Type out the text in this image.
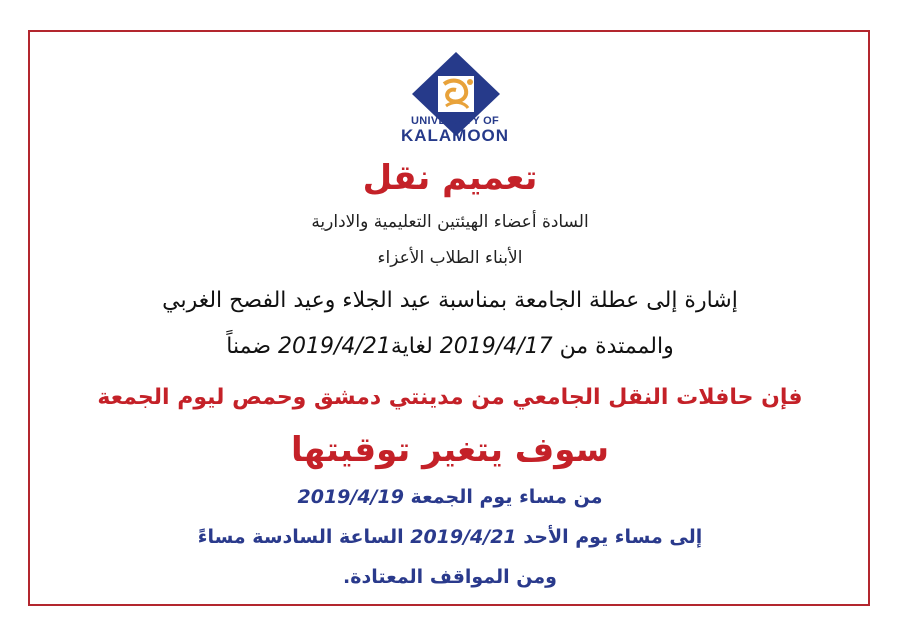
UNIVERSITY OF
KALAMOON
تعميم نقل
السادة أعضاء الهيئتين التعليمية والادارية
الأبناء الطلاب الأعزاء
إشارة إلى عطلة الجامعة بمناسبة عيد الجلاء وعيد الفصح الغربي
والممتدة من 2019/4/17 لغاية2019/4/21 ضمناً
فإن حافلات النقل الجامعي من مدينتي دمشق وحمص ليوم الجمعة
سوف يتغير توقيتها
من مساء يوم الجمعة 2019/4/19
إلى مساء يوم الأحد 2019/4/21 الساعة السادسة مساءً
ومن المواقف المعتادة.
